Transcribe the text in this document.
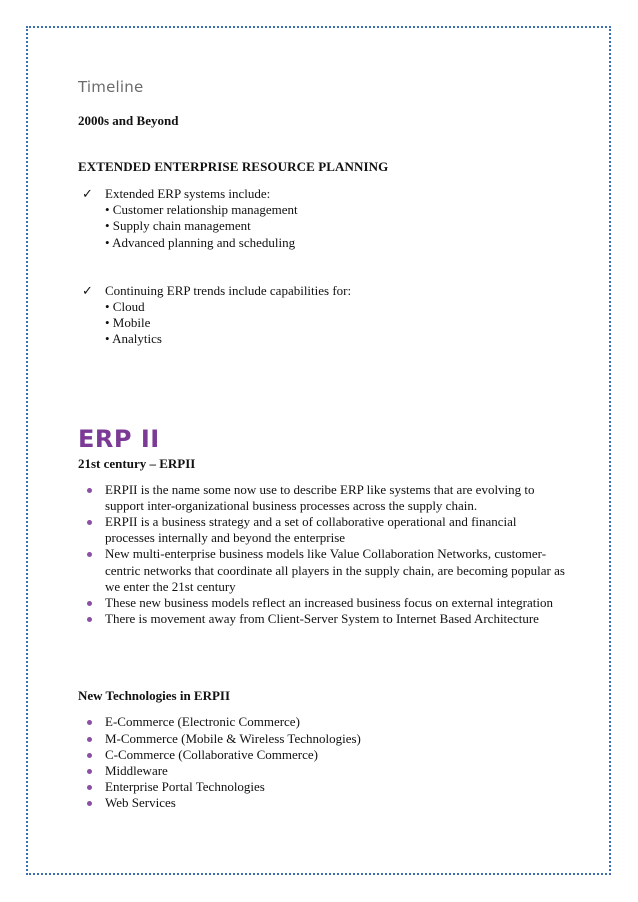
Timeline
2000s and Beyond
EXTENDED ENTERPRISE RESOURCE PLANNING
✓ Extended ERP systems include:
• Customer relationship management
• Supply chain management
• Advanced planning and scheduling
✓ Continuing ERP trends include capabilities for:
• Cloud
• Mobile
• Analytics
ERP II
21st century – ERPII
ERPII is the name some now use to describe ERP like systems that are evolving to
support inter-organizational business processes across the supply chain.
ERPII is a business strategy and a set of collaborative operational and financial
processes internally and beyond the enterprise
New multi-enterprise business models like Value Collaboration Networks, customer-
centric networks that coordinate all players in the supply chain, are becoming popular as
we enter the 21st century
These new business models reflect an increased business focus on external integration
There is movement away from Client-Server System to Internet Based Architecture
New Technologies in ERPII
E-Commerce (Electronic Commerce)
M-Commerce (Mobile & Wireless Technologies)
C-Commerce (Collaborative Commerce)
Middleware
Enterprise Portal Technologies
Web Services
